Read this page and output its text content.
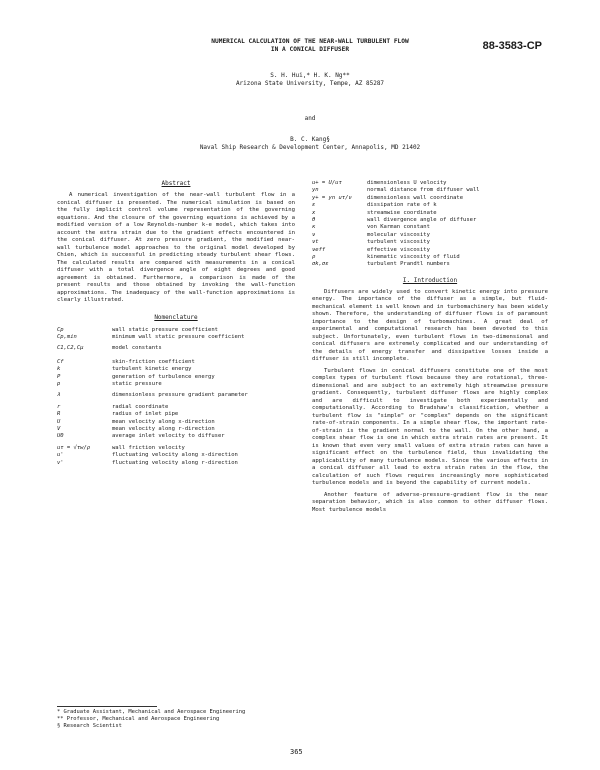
NUMERICAL CALCULATION OF THE NEAR-WALL TURBULENT FLOW
IN A CONICAL DIFFUSER	88-3583-CP
S. H. Hui,* H. K. Ng**
Arizona State University, Tempe, AZ 85287
and
B. C. Kang§
Naval Ship Research & Development Center, Annapolis, MD 21402
Abstract
A numerical investigation of the near-wall turbulent flow in a conical diffuser is presented. The numerical simulation is based on the fully implicit control volume representation of the governing equations. And the closure of the governing equations is achieved by a modified version of a low Reynolds-number k-e model, which takes into account the extra strain due to the gradient effects encountered in the conical diffuser. At zero pressure gradient, the modified near-wall turbulence model approaches to the original model developed by Chien, which is successful in predicting steady turbulent shear flows. The calculated results are compared with measurements in a conical diffuser with a total divergence angle of eight degrees and good agreement is obtained. Furthermore, a comparison is made of the present results and those obtained by invoking the wall-function approximations. The inadequacy of the wall-function approximations is clearly illustrated.
Nomenclature
Cp	wall static pressure coefficient
Cp,min	minimum wall static pressure coefficient
C1,C2,Cμ	model constants
Cf	skin-friction coefficient
k	turbulent kinetic energy
P	generation of turbulence energy
p	static pressure
λ	dimensionless pressure gradient parameter
r	radial coordinate
R	radius of inlet pipe
U	mean velocity along x-direction
V	mean velocity along r-direction
U0	average inlet velocity to diffuser
uτ = √τw/ρ	wall friction velocity
u'	fluctuating velocity along x-direction
v'	fluctuating velocity along r-direction
* Graduate Assistant, Mechanical and Aerospace Engineering
** Professor, Mechanical and Aerospace Engineering
§ Research Scientist
u+ = U/uτ	dimensionless U velocity
yn	normal distance from diffuser wall
y+ = yn uτ/ν	dimensionless wall coordinate
ε	dissipation rate of k
x	streamwise coordinate
θ	wall divergence angle of diffuser
κ	von Karman constant
ν	molecular viscosity
νt	turbulent viscosity
νeff	effective viscosity
ρ	kinematic viscosity of fluid
σk,σε	turbulent Prandtl numbers
I. Introduction
Diffusers are widely used to convert kinetic energy into pressure energy. The importance of the diffuser as a simple, but fluid-mechanical element is well known and in turbomachinery has been widely shown. Therefore, the understanding of diffuser flows is of paramount importance to the design of turbomachines. A great deal of experimental and computational research has been devoted to this subject. Unfortunately, even turbulent flows in two-dimensional and conical diffusers are extremely complicated and our understanding of the details of energy transfer and dissipative losses inside a diffuser is still incomplete.
Turbulent flows in conical diffusers constitute one of the most complex types of turbulent flows because they are rotational, three-dimensional and are subject to an extremely high streamwise pressure gradient. Consequently, turbulent diffuser flows are highly complex and are difficult to investigate both experimentally and computationally. According to Bradshaw's classification, whether a turbulent flow is "simple" or "complex" depends on the significant rate-of-strain components. In a simple shear flow, the important rate-of-strain is the gradient normal to the wall. On the other hand, a complex shear flow is one in which extra strain rates are present. It is known that even very small values of extra strain rates can have a significant effect on the turbulence field, thus invalidating the applicability of many turbulence models. Since the various effects in a conical diffuser all lead to extra strain rates in the flow, the calculation of such flows requires increasingly more sophisticated turbulence models and is beyond the capability of current models.
Another feature of adverse-pressure-gradient flow is the near separation behavior, which is also common to other diffuser flows. Most turbulence models
365
